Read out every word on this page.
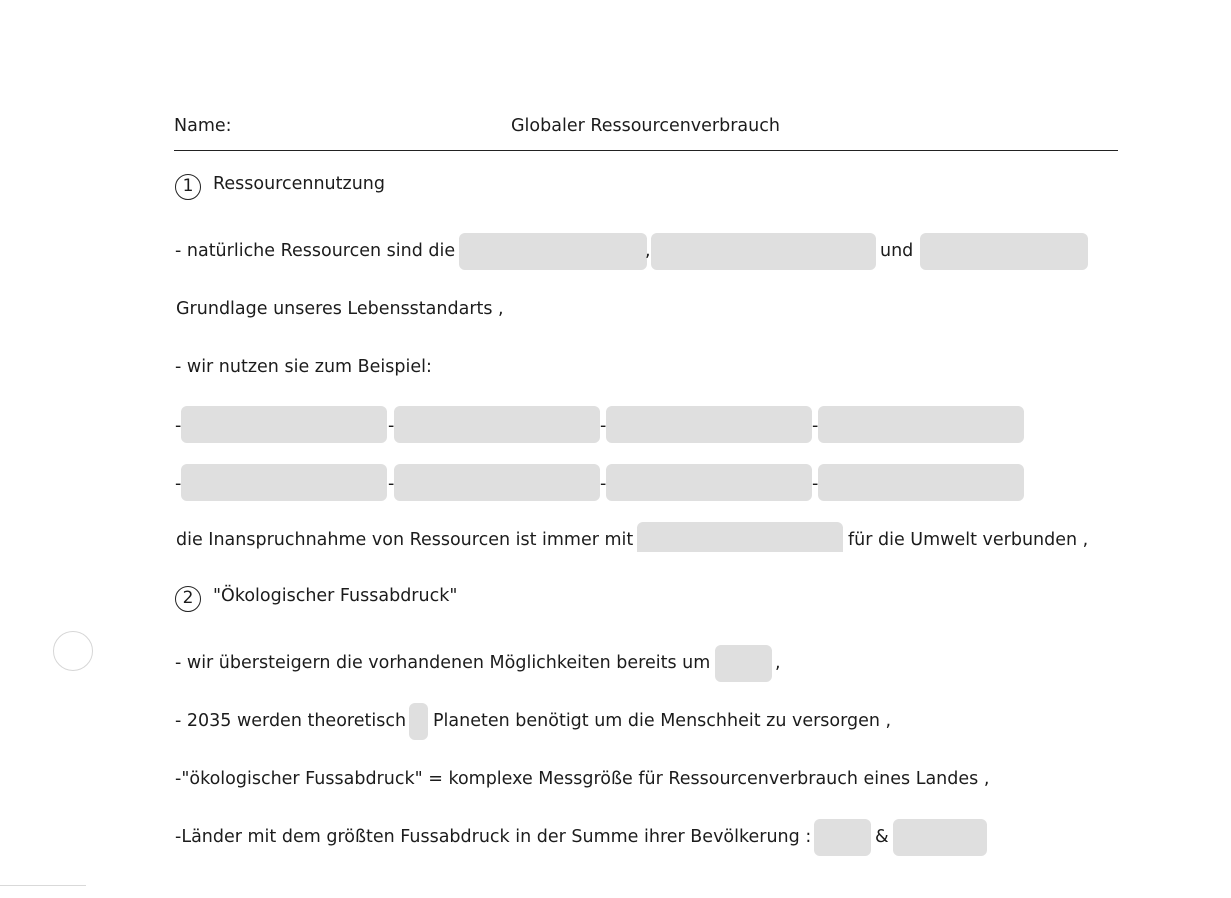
Name:	Globaler Ressourcenverbrauch
1	Ressourcennutzung
- natürliche Ressourcen sind die	,	und
Grundlage unseres Lebensstandarts ,
- wir nutzen sie zum Beispiel:
-	-	-	-
-	-	-	-
die Inanspruchnahme von Ressourcen ist immer mit	für die Umwelt verbunden ,
2	"Ökologischer Fussabdruck"
- wir übersteigern die vorhandenen Möglichkeiten bereits um	,
- 2035 werden theoretisch Planeten benötigt um die Menschheit zu versorgen ,
-"ökologischer Fussabdruck" = komplexe Messgröße für Ressourcenverbrauch eines Landes ,
-Länder mit dem größten Fussabdruck in der Summe ihrer Bevölkerung :	&
